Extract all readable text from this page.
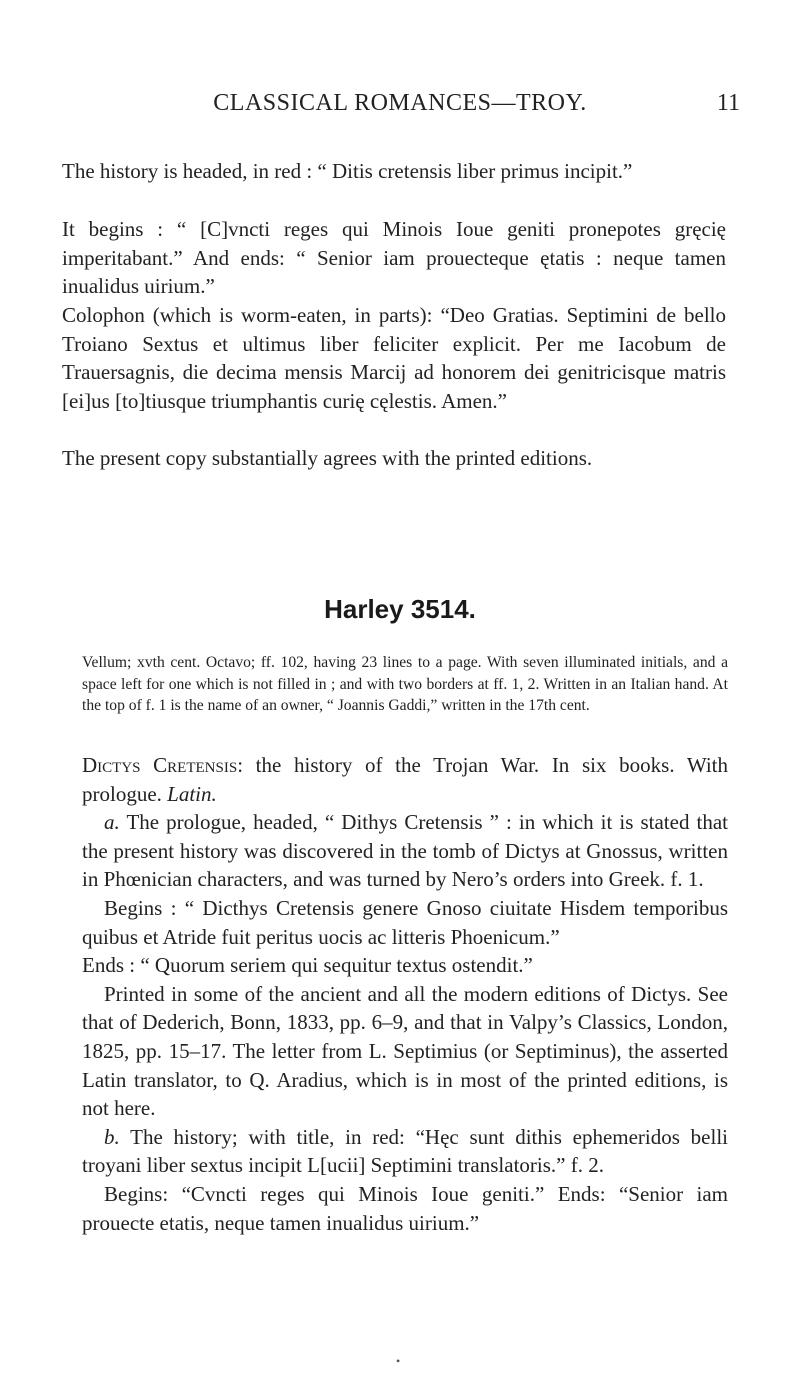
CLASSICAL ROMANCES—TROY.	11

The history is headed, in red : “ Ditis cretensis liber primus incipit.”

It begins : “ [C]vncti reges qui Minois Ioue geniti pronepotes gręcię imperitabant.” And ends: “ Senior iam prouecteque ętatis : neque tamen inualidus uirium.”

Colophon (which is worm-eaten, in parts): “Deo Gratias. Septimini de bello Troiano Sextus et ultimus liber feliciter explicit. Per me Iacobum de Trauersagnis, die decima mensis Marcij ad honorem dei genitricisque matris [ei]us [to]tiusque triumphantis curię cęlestis. Amen.”

The present copy substantially agrees with the printed editions.

Harley 3514.
Vellum; xvth cent. Octavo; ff. 102, having 23 lines to a page. With seven illuminated initials, and a space left for one which is not filled in ; and with two borders at ff. 1, 2. Written in an Italian hand. At the top of f. 1 is the name of an owner, “ Joannis Gaddi,” written in the 17th cent.

Dictys Cretensis: the history of the Trojan War. In six books. With prologue. Latin.

a. The prologue, headed, “ Dithys Cretensis ” : in which it is stated that the present history was discovered in the tomb of Dictys at Gnossus, written in Phœnician characters, and was turned by Nero’s orders into Greek. f. 1.

Begins : “ Dicthys Cretensis genere Gnoso ciuitate Hisdem temporibus quibus et Atride fuit peritus uocis ac litteris Phoenicum.”

Ends : “ Quorum seriem qui sequitur textus ostendit.”

Printed in some of the ancient and all the modern editions of Dictys. See that of Dederich, Bonn, 1833, pp. 6–9, and that in Valpy’s Classics, London, 1825, pp. 15–17. The letter from L. Septimius (or Septiminus), the asserted Latin translator, to Q. Aradius, which is in most of the printed editions, is not here.

b. The history; with title, in red: “Hęc sunt dithis ephemeridos belli troyani liber sextus incipit L[ucii] Septimini translatoris.” f. 2.

Begins: “Cvncti reges qui Minois Ioue geniti.” Ends: “Senior iam prouecte etatis, neque tamen inualidus uirium.”

•
